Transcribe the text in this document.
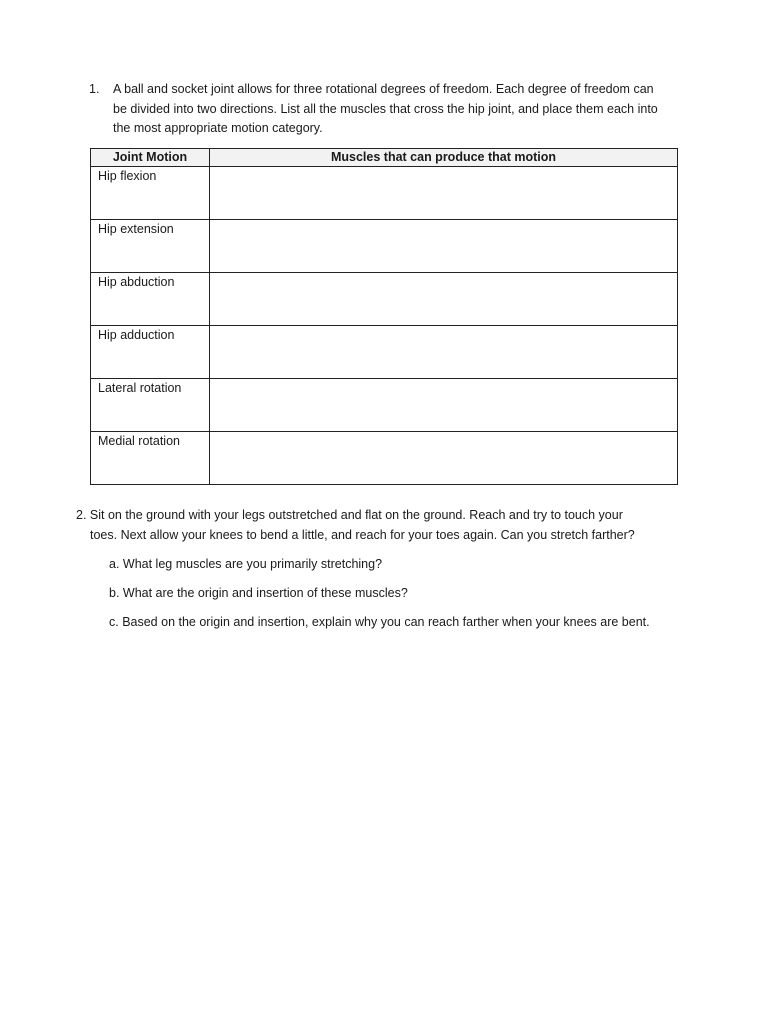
1. A ball and socket joint allows for three rotational degrees of freedom. Each degree of freedom can
be divided into two directions. List all the muscles that cross the hip joint, and place them each into
the most appropriate motion category.
Joint Motion	Muscles that can produce that motion
Hip flexion	
Hip extension	
Hip abduction	
Hip adduction	
Lateral rotation	
Medial rotation	
2. Sit on the ground with your legs outstretched and flat on the ground. Reach and try to touch your
toes. Next allow your knees to bend a little, and reach for your toes again. Can you stretch farther?
a. What leg muscles are you primarily stretching?
b. What are the origin and insertion of these muscles?
c. Based on the origin and insertion, explain why you can reach farther when your knees are bent.
